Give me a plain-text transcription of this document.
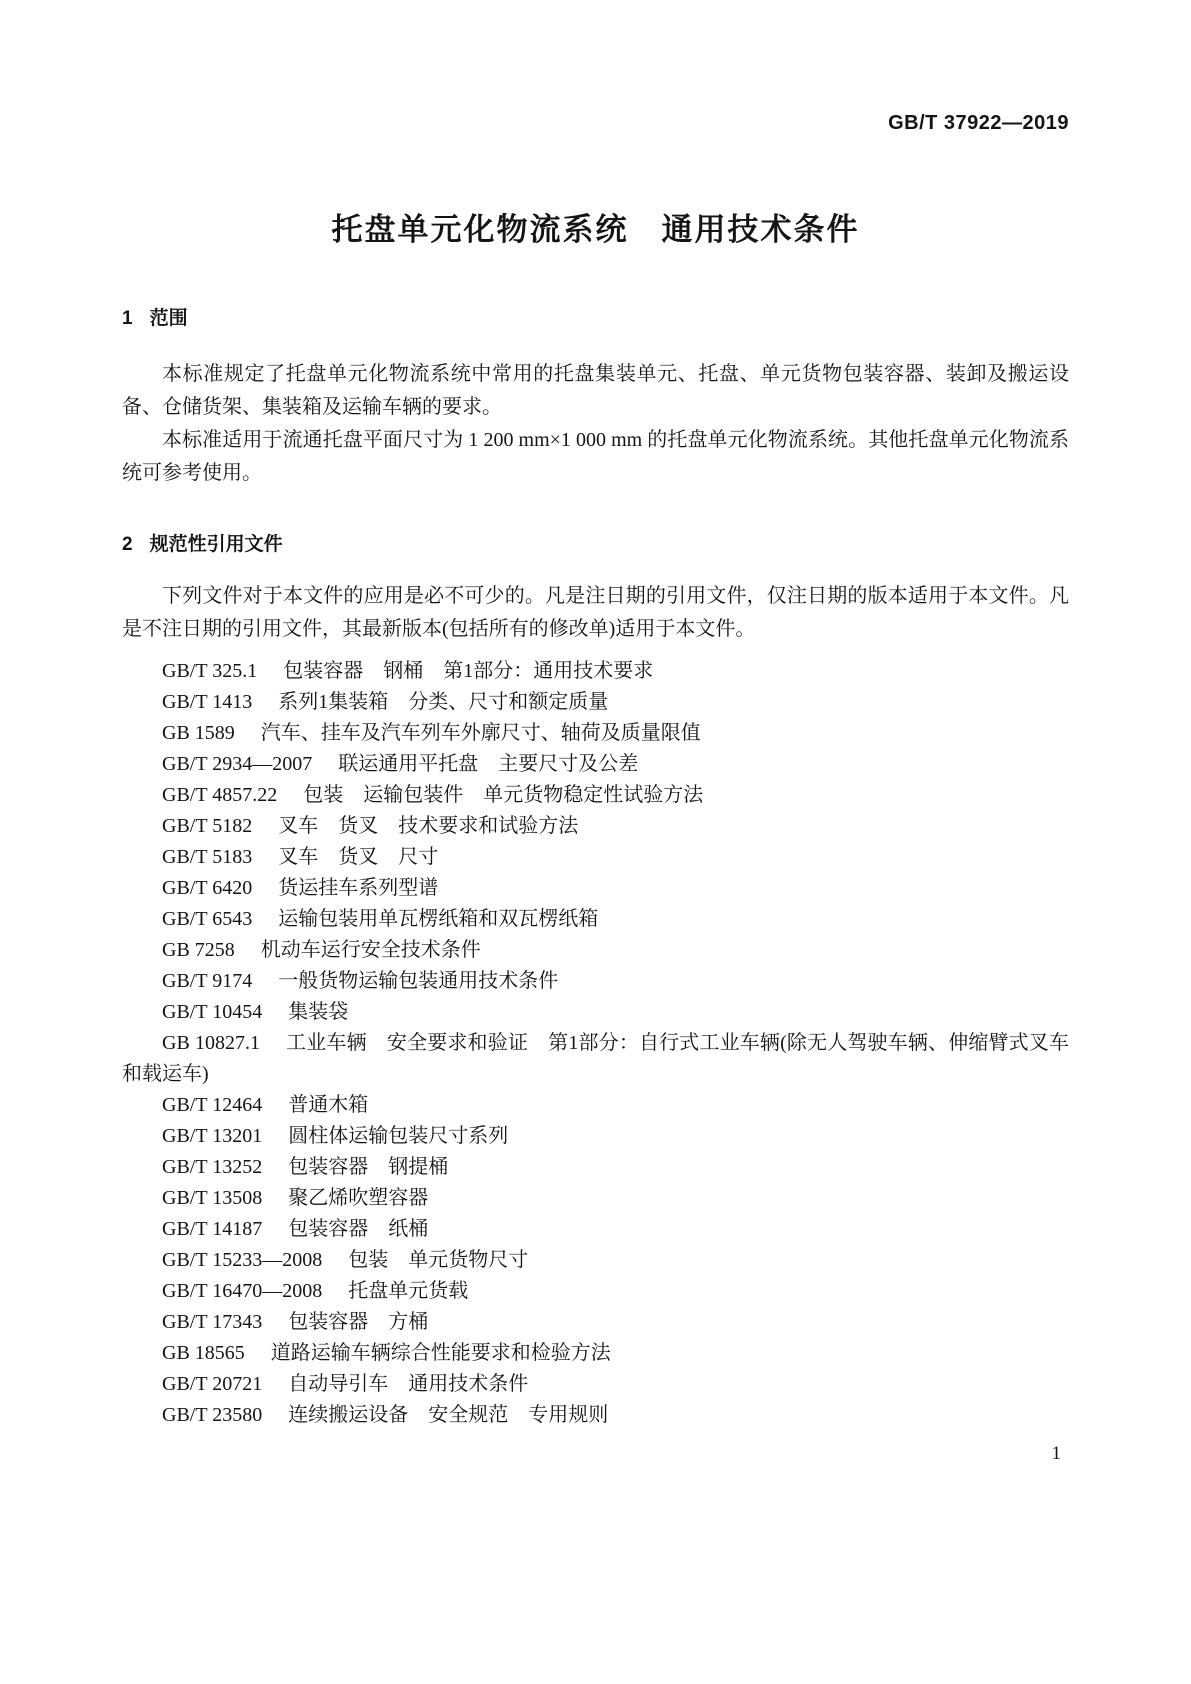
GB/T 37922—2019
托盘单元化物流系统　通用技术条件
1 范围

本标准规定了托盘单元化物流系统中常用的托盘集装单元、托盘、单元货物包装容器、装卸及搬运设备、仓储货架、集装箱及运输车辆的要求。

本标准适用于流通托盘平面尺寸为 1 200 mm×1 000 mm 的托盘单元化物流系统。其他托盘单元化物流系统可参考使用。

2 规范性引用文件

下列文件对于本文件的应用是必不可少的。凡是注日期的引用文件，仅注日期的版本适用于本文件。凡是不注日期的引用文件，其最新版本(包括所有的修改单)适用于本文件。

GB/T 325.1 包装容器　钢桶　第1部分：通用技术要求

GB/T 1413 系列1集装箱　分类、尺寸和额定质量

GB 1589 汽车、挂车及汽车列车外廓尺寸、轴荷及质量限值

GB/T 2934—2007 联运通用平托盘　主要尺寸及公差

GB/T 4857.22 包装　运输包装件　单元货物稳定性试验方法

GB/T 5182 叉车　货叉　技术要求和试验方法

GB/T 5183 叉车　货叉　尺寸

GB/T 6420 货运挂车系列型谱

GB/T 6543 运输包装用单瓦楞纸箱和双瓦楞纸箱

GB 7258 机动车运行安全技术条件

GB/T 9174 一般货物运输包装通用技术条件

GB/T 10454 集装袋

GB 10827.1 工业车辆　安全要求和验证　第1部分：自行式工业车辆(除无人驾驶车辆、伸缩臂式叉车和载运车)

GB/T 12464 普通木箱

GB/T 13201 圆柱体运输包装尺寸系列

GB/T 13252 包装容器　钢提桶

GB/T 13508 聚乙烯吹塑容器

GB/T 14187 包装容器　纸桶

GB/T 15233—2008 包装　单元货物尺寸

GB/T 16470—2008 托盘单元货载

GB/T 17343 包装容器　方桶

GB 18565 道路运输车辆综合性能要求和检验方法

GB/T 20721 自动导引车　通用技术条件

GB/T 23580 连续搬运设备　安全规范　专用规则

1
